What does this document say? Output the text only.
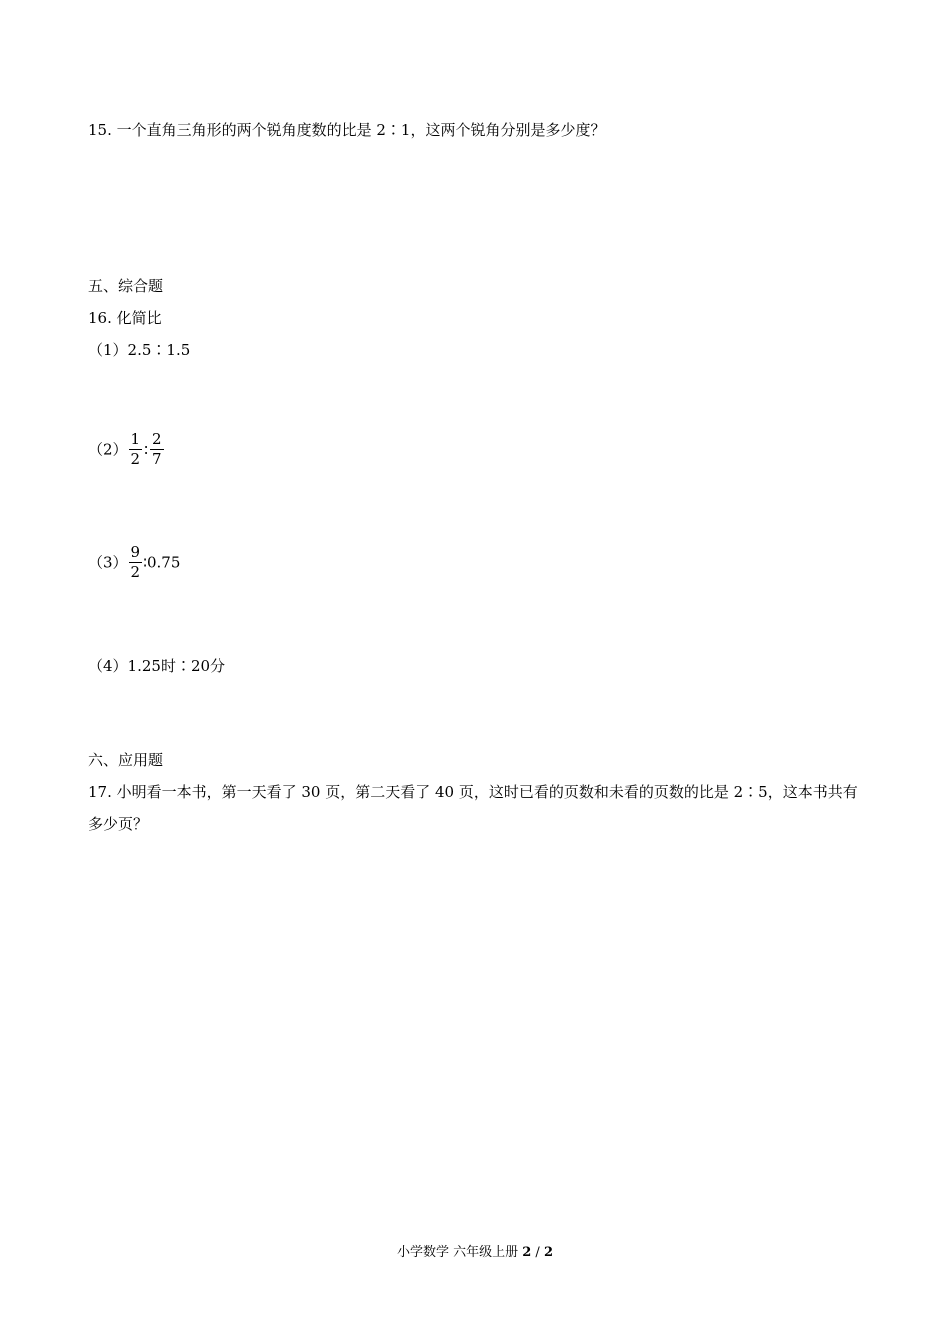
15. 一个直角三角形的两个锐角度数的比是 2∶1，这两个锐角分别是多少度？
五、综合题
16. 化简比
（1）2.5∶1.5
$(2) \frac{1}{2}$ ∶ $\frac{2}{7}$
$(3) \frac{9}{2}$ ∶0.75
（4）1.25时∶20分
六、应用题
17. 小明看一本书，第一天看了 30 页，第二天看了 40 页，这时已看的页数和未看的页数的比是 2∶5，这本书共有多少页？
小学数学 六年级上册 2 / 2
